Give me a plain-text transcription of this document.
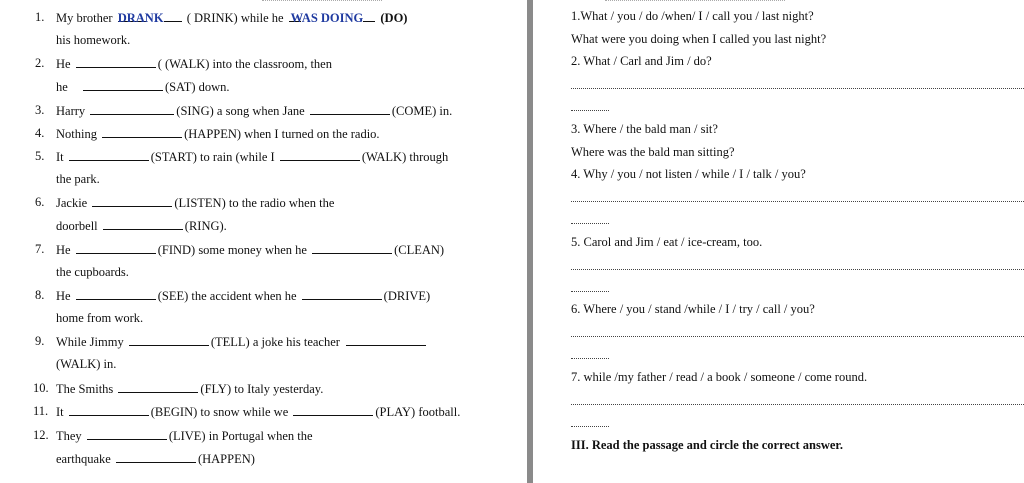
1. My brother DRANK ( DRINK) while he WAS DOING (DO)
his homework.
2. He	( (WALK) into the classroom, then
he	(SAT) down.
3. Harry	(SING) a song when Jane	(COME) in.
4. Nothing	(HAPPEN) when I turned on the radio.
5. It	(START) to rain (while I	(WALK) through
the park.
6. Jackie	(LISTEN) to the radio when the
doorbell	(RING).
7. He	(FIND) some money when he	(CLEAN)
the cupboards.
8. He	(SEE) the accident when he	(DRIVE)
home from work.
9. While Jimmy	(TELL) a joke his teacher
(WALK) in.
10. The Smiths	(FLY) to Italy yesterday.
11. It	(BEGIN) to snow while we	(PLAY) football.
12. They	(LIVE) in Portugal when the
earthquake	(HAPPEN)
1.What / you / do /when/ I / call you / last night?
What were you doing when I called you last night?
2. What / Carl and Jim / do?
3. Where / the bald man / sit?
Where was the bald man sitting?
4. Why / you / not listen / while / I / talk / you?
5. Carol and Jim / eat / ice-cream, too.
6. Where / you / stand /while / I / try / call / you?
7. while /my father / read / a book / someone / come round.
III. Read the passage and circle the correct answer.
